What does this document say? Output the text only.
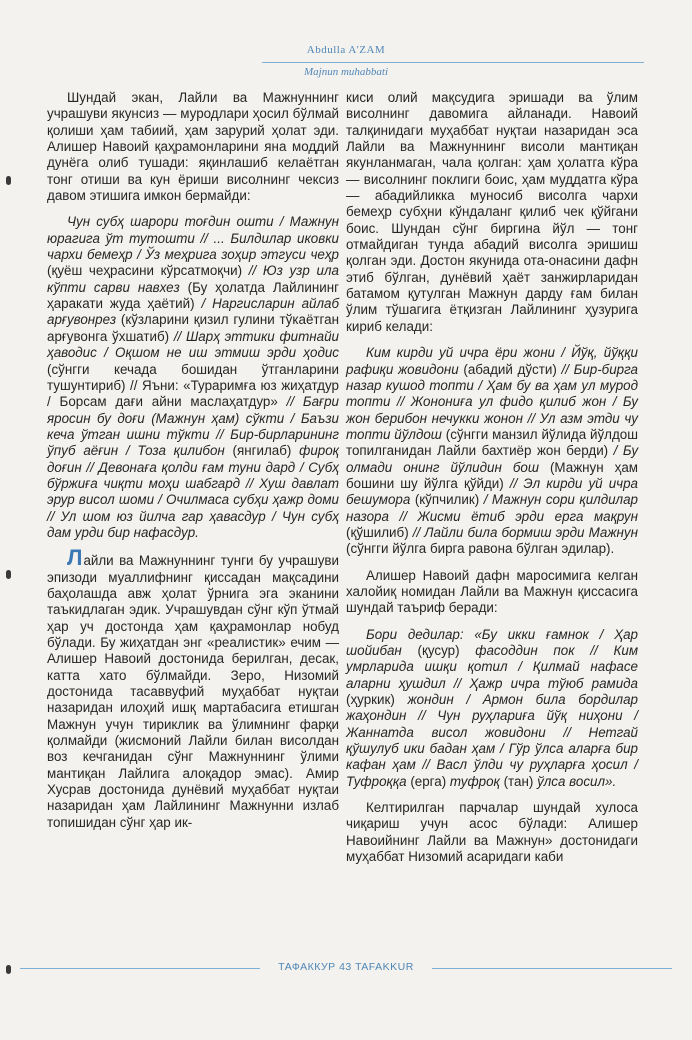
Abdulla A'ZAM
Majnun muhabbati

Шундай экан, Лайли ва Мажнуннинг учрашуви якунсиз — муродлари ҳосил бўлмай қолиши ҳам табиий, ҳам зарурий ҳолат эди. Алишер Навоий қаҳрамонларини яна моддий дунёга олиб тушади: яқинлашиб келаётган тонг отиши ва кун ёриши висолнинг чексиз давом этишига имкон бермайди:

Чун субҳ шарори тоғдин ошти / Мажнун юрагига ўт тутошти // ... Билдилар иковки чархи бемеҳр / Ўз меҳрига зоҳир этгуси чеҳр (қуёш чеҳрасини кўрсатмоқчи) // Юз узр ила кўпти сарви навхез (Бу ҳолатда Лайлининг ҳаракати жуда ҳаётий) / Наргисларин айлаб арғувонрез (кўзларини қизил гулини тўкаётган арғувонга ўхшатиб) // Шарҳ эттики фитнайи ҳаводис / Оқшом не иш этмиш эрди ҳодис (сўнгги кечада бошидан ўтганларини тушунтириб) // Яъни: «Тураримға юз жиҳатдур / Борсам дағи айни маслаҳатдур» // Бағри яросин бу доғи (Мажнун ҳам) сўкти / Баъзи кеча ўтган ишни тўкти // Бир-бирларининг ўпуб аёғин / Тоза қилибон (янгилаб) фироқ доғин // Девонаға қолди ғам туни дард / Субҳ бўржиға чиқти моҳи шабгард // Хуш давлат эрур висол шоми / Очилмаса субҳи ҳажр доми // Ул шом юз йилча гар ҳавасдур / Чун субҳ дам урди бир нафасдур.

Лайли ва Мажнуннинг тунги бу учрашуви эпизоди муаллифнинг қиссадан мақсадини баҳолашда авж ҳолат ўрнига эга эканини таъкидлаган эдик. Учрашувдан сўнг кўп ўтмай ҳар уч достонда ҳам қаҳрамонлар нобуд бўлади. Бу жиҳатдан энг «реалистик» ечим — Алишер Навоий достонида берилган, десак, катта хато бўлмайди. Зеро, Низомий достонида тасаввуфий муҳаббат нуқтаи назаридан илоҳий ишқ мартабасига етишган Мажнун учун тириклик ва ўлимнинг фарқи қолмайди (жисмоний Лайли билан висолдан воз кечганидан сўнг Мажнуннинг ўлими мантиқан Лайлига алоқадор эмас). Амир Хусрав достонида дунёвий муҳаббат нуқтаи назаридан ҳам Лайлининг Мажнунни излаб топишидан сўнг ҳар ик-

киси олий мақсудига эришади ва ўлим висолнинг давомига айланади. Навоий талқинидаги муҳаббат нуқтаи назаридан эса Лайли ва Мажнуннинг висоли мантиқан якунланмаган, чала қолган: ҳам ҳолатга кўра — висолнинг поклиги боис, ҳам муддатга кўра — абадийликка муносиб висолга чархи бемеҳр субҳни кўндаланг қилиб чек қўйгани боис. Шундан сўнг биргина йўл — тонг отмайдиган тунда абадий висолга эришиш қолган эди. Достон якунида ота-онасини дафн этиб бўлган, дунёвий ҳаёт занжирларидан батамом қутулган Мажнун дарду ғам билан ўлим тўшагига ётқизган Лайлининг ҳузурига кириб келади:

Ким кирди уй ичра ёри жони / Йўқ, йўққи рафиқи жовидони (абадий дўсти) // Бир-бирга назар кушод топти / Ҳам бу ва ҳам ул мурод топти // Жонониға ул фидо қилиб жон / Бу жон берибон нечукки жонон // Ул азм этди чу топти йўлдош (сўнгги манзил йўлида йўлдош топилганидан Лайли бахтиёр жон берди) / Бу олмади онинг йўлидин бош (Мажнун ҳам бошини шу йўлга қўйди) // Эл кирди уй ичра бешумора (кўпчилик) / Мажнун сори қилдилар назора // Жисми ётиб эрди ерга мақрун (қўшилиб) // Лайли била бормиш эрди Мажнун (сўнгги йўлга бирга равона бўлган эдилар).

Алишер Навоий дафн маросимига келган халойиқ номидан Лайли ва Мажнун қиссасига шундай таъриф беради:

Бори дедилар: «Бу икки ғамнок / Ҳар шойибан (қусур) фасоддин пок // Ким умрларида ишқи қотил / Қилмай нафасе аларни ҳушдил // Ҳажр ичра тўюб рамида (ҳуркик) жондин / Армон била бордилар жаҳондин // Чун руҳлариға йўқ ниҳони / Жаннатда висол жовидони // Нетгай қўшулуб ики бадан ҳам / Гўр ўлса аларға бир кафан ҳам // Васл ўлди чу руҳларға ҳосил / Туфроққа (ерга) туфроқ (тан) ўлса восил».

Келтирилган парчалар шундай хулоса чиқариш учун асос бўлади: Алишер Навоийнинг Лайли ва Мажнун» достонидаги муҳаббат Низомий асаридаги каби

ТАФАККУР 43 TAFAKKUR
